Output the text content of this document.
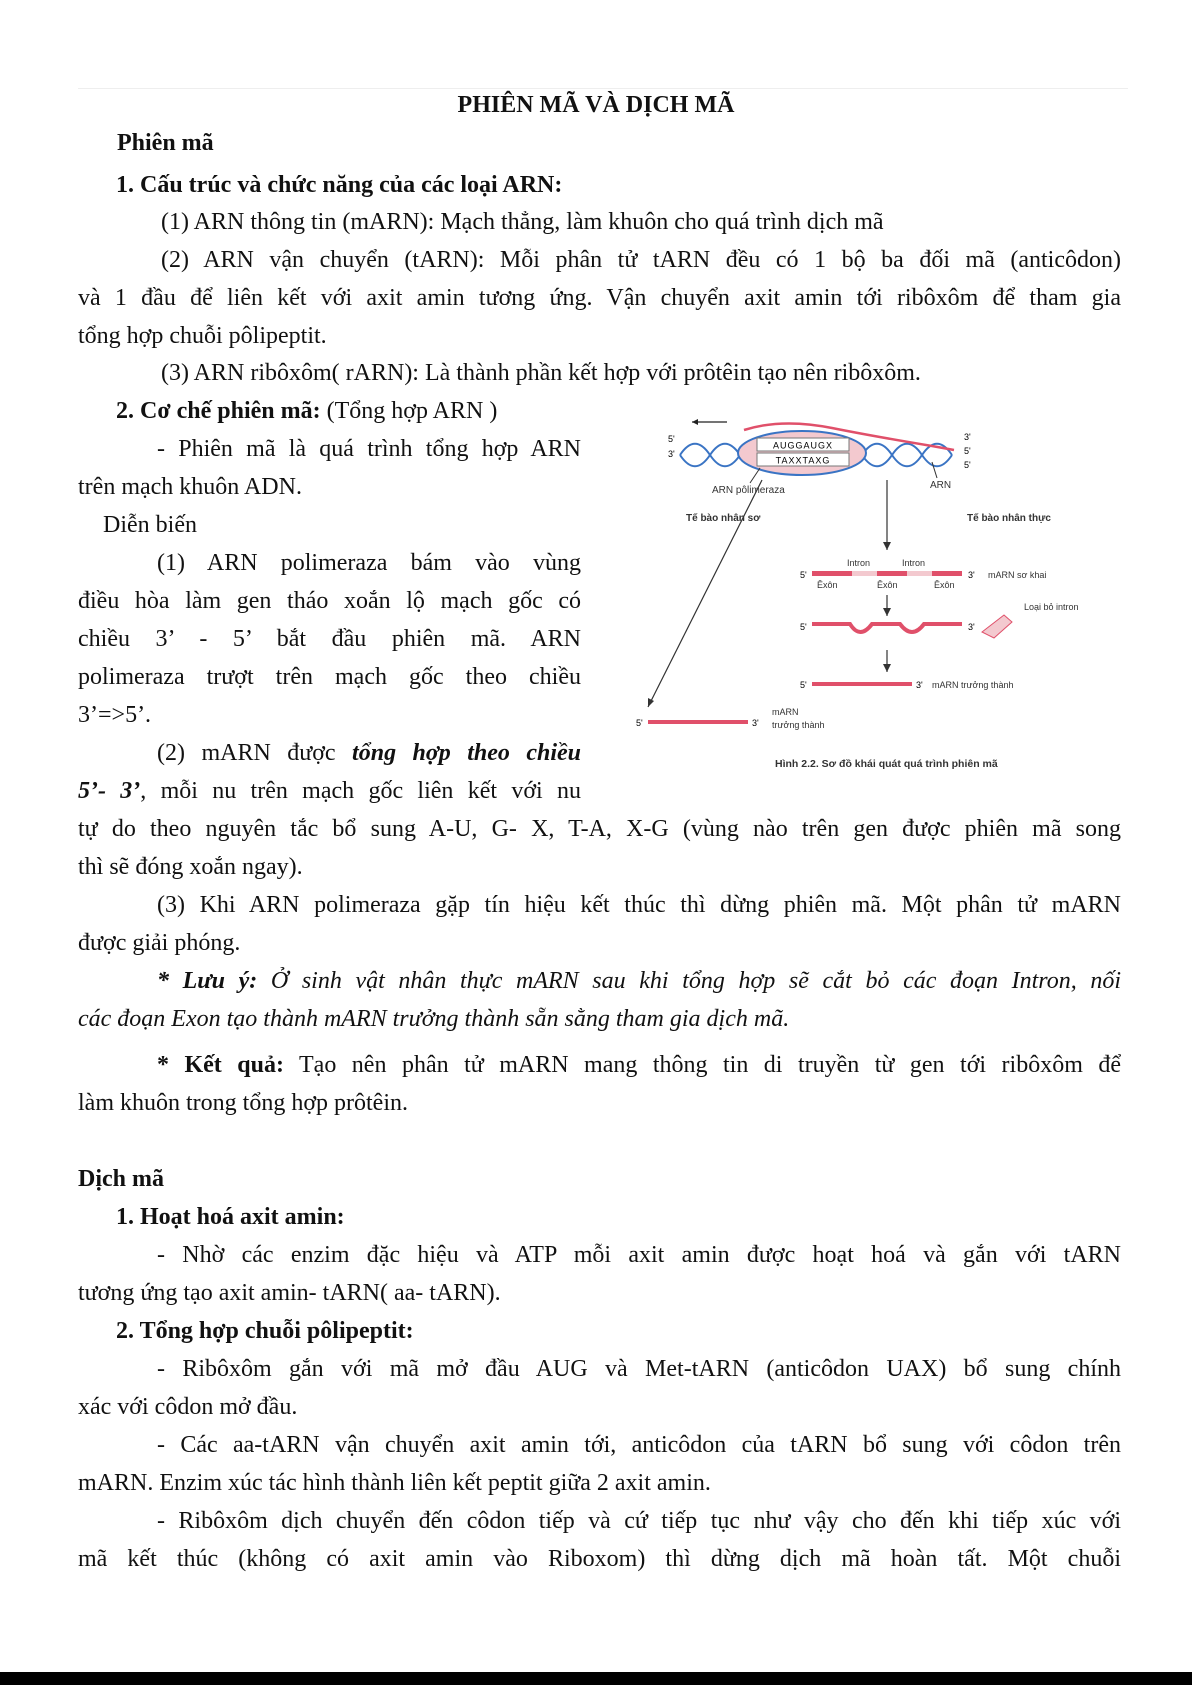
PHIÊN MÃ VÀ DỊCH MÃ
Phiên mã
1. Cấu trúc và chức năng của các loại ARN:
(1) ARN thông tin (mARN): Mạch thẳng, làm khuôn cho quá trình dịch mã
(2) ARN vận chuyển (tARN): Mỗi phân tử tARN đều có 1 bộ ba đối mã (anticôdon)
và 1 đầu để liên kết với axit amin tương ứng. Vận chuyển axit amin tới ribôxôm để tham gia
tổng hợp chuỗi pôlipeptit.
(3) ARN ribôxôm( rARN): Là thành phần kết hợp với prôtêin tạo nên ribôxôm.
2. Cơ chế phiên mã: (Tổng hợp ARN )
- Phiên mã là quá trình tổng hợp ARN
trên mạch khuôn ADN.
Diễn biến
(1) ARN polimeraza bám vào vùng
điều hòa làm gen tháo xoắn lộ mạch gốc có
chiều 3’ - 5’ bắt đầu phiên mã. ARN
polimeraza trượt trên mạch gốc theo chiều
3’=>5’.
(2) mARN được tổng hợp theo chiều
5’- 3’, mỗi nu trên mạch gốc liên kết với nu
tự do theo nguyên tắc bổ sung A-U, G- X, T-A, X-G (vùng nào trên gen được phiên mã song
thì sẽ đóng xoắn ngay).
(3) Khi ARN polimeraza gặp tín hiệu kết thúc thì dừng phiên mã. Một phân tử mARN
được giải phóng.
* Lưu ý: Ở sinh vật nhân thực mARN sau khi tổng hợp sẽ cắt bỏ các đoạn Intron, nối
các đoạn Exon tạo thành mARN trưởng thành sẵn sằng tham gia dịch mã.
* Kết quả: Tạo nên phân tử mARN mang thông tin di truyền từ gen tới ribôxôm để
làm khuôn trong tổng hợp prôtêin.
Dịch mã
1. Hoạt hoá axit amin:
- Nhờ các enzim đặc hiệu và ATP mỗi axit amin được hoạt hoá và gắn với tARN
tương ứng tạo axit amin- tARN( aa- tARN).
2. Tổng hợp chuỗi pôlipeptit:
- Ribôxôm gắn với mã mở đầu AUG và Met-tARN (anticôdon UAX) bổ sung chính
xác với côdon mở đầu.
- Các aa-tARN vận chuyển axit amin tới, anticôdon của tARN bổ sung với côdon trên
mARN. Enzim xúc tác hình thành liên kết peptit giữa 2 axit amin.
- Ribôxôm dịch chuyển đến côdon tiếp và cứ tiếp tục như vậy cho đến khi tiếp xúc với
mã kết thúc (không có axit amin vào Riboxom) thì dừng dịch mã hoàn tất. Một chuỗi
AUGGAUGX
TAXXTAXG
5'
3'
3'
5'
5'
ARN pôlimeraza	ARN
Tế bào nhân sơ	Tế bào nhân thực
5'	3'
Intron	Intron
Êxôn	Êxôn	Êxôn
mARN sơ khai
5'	3'
Loại bỏ intron
5'	3' mARN trưởng thành
5'	3'
mARN
trưởng thành
Hình 2.2. Sơ đồ khái quát quá trình phiên mã
